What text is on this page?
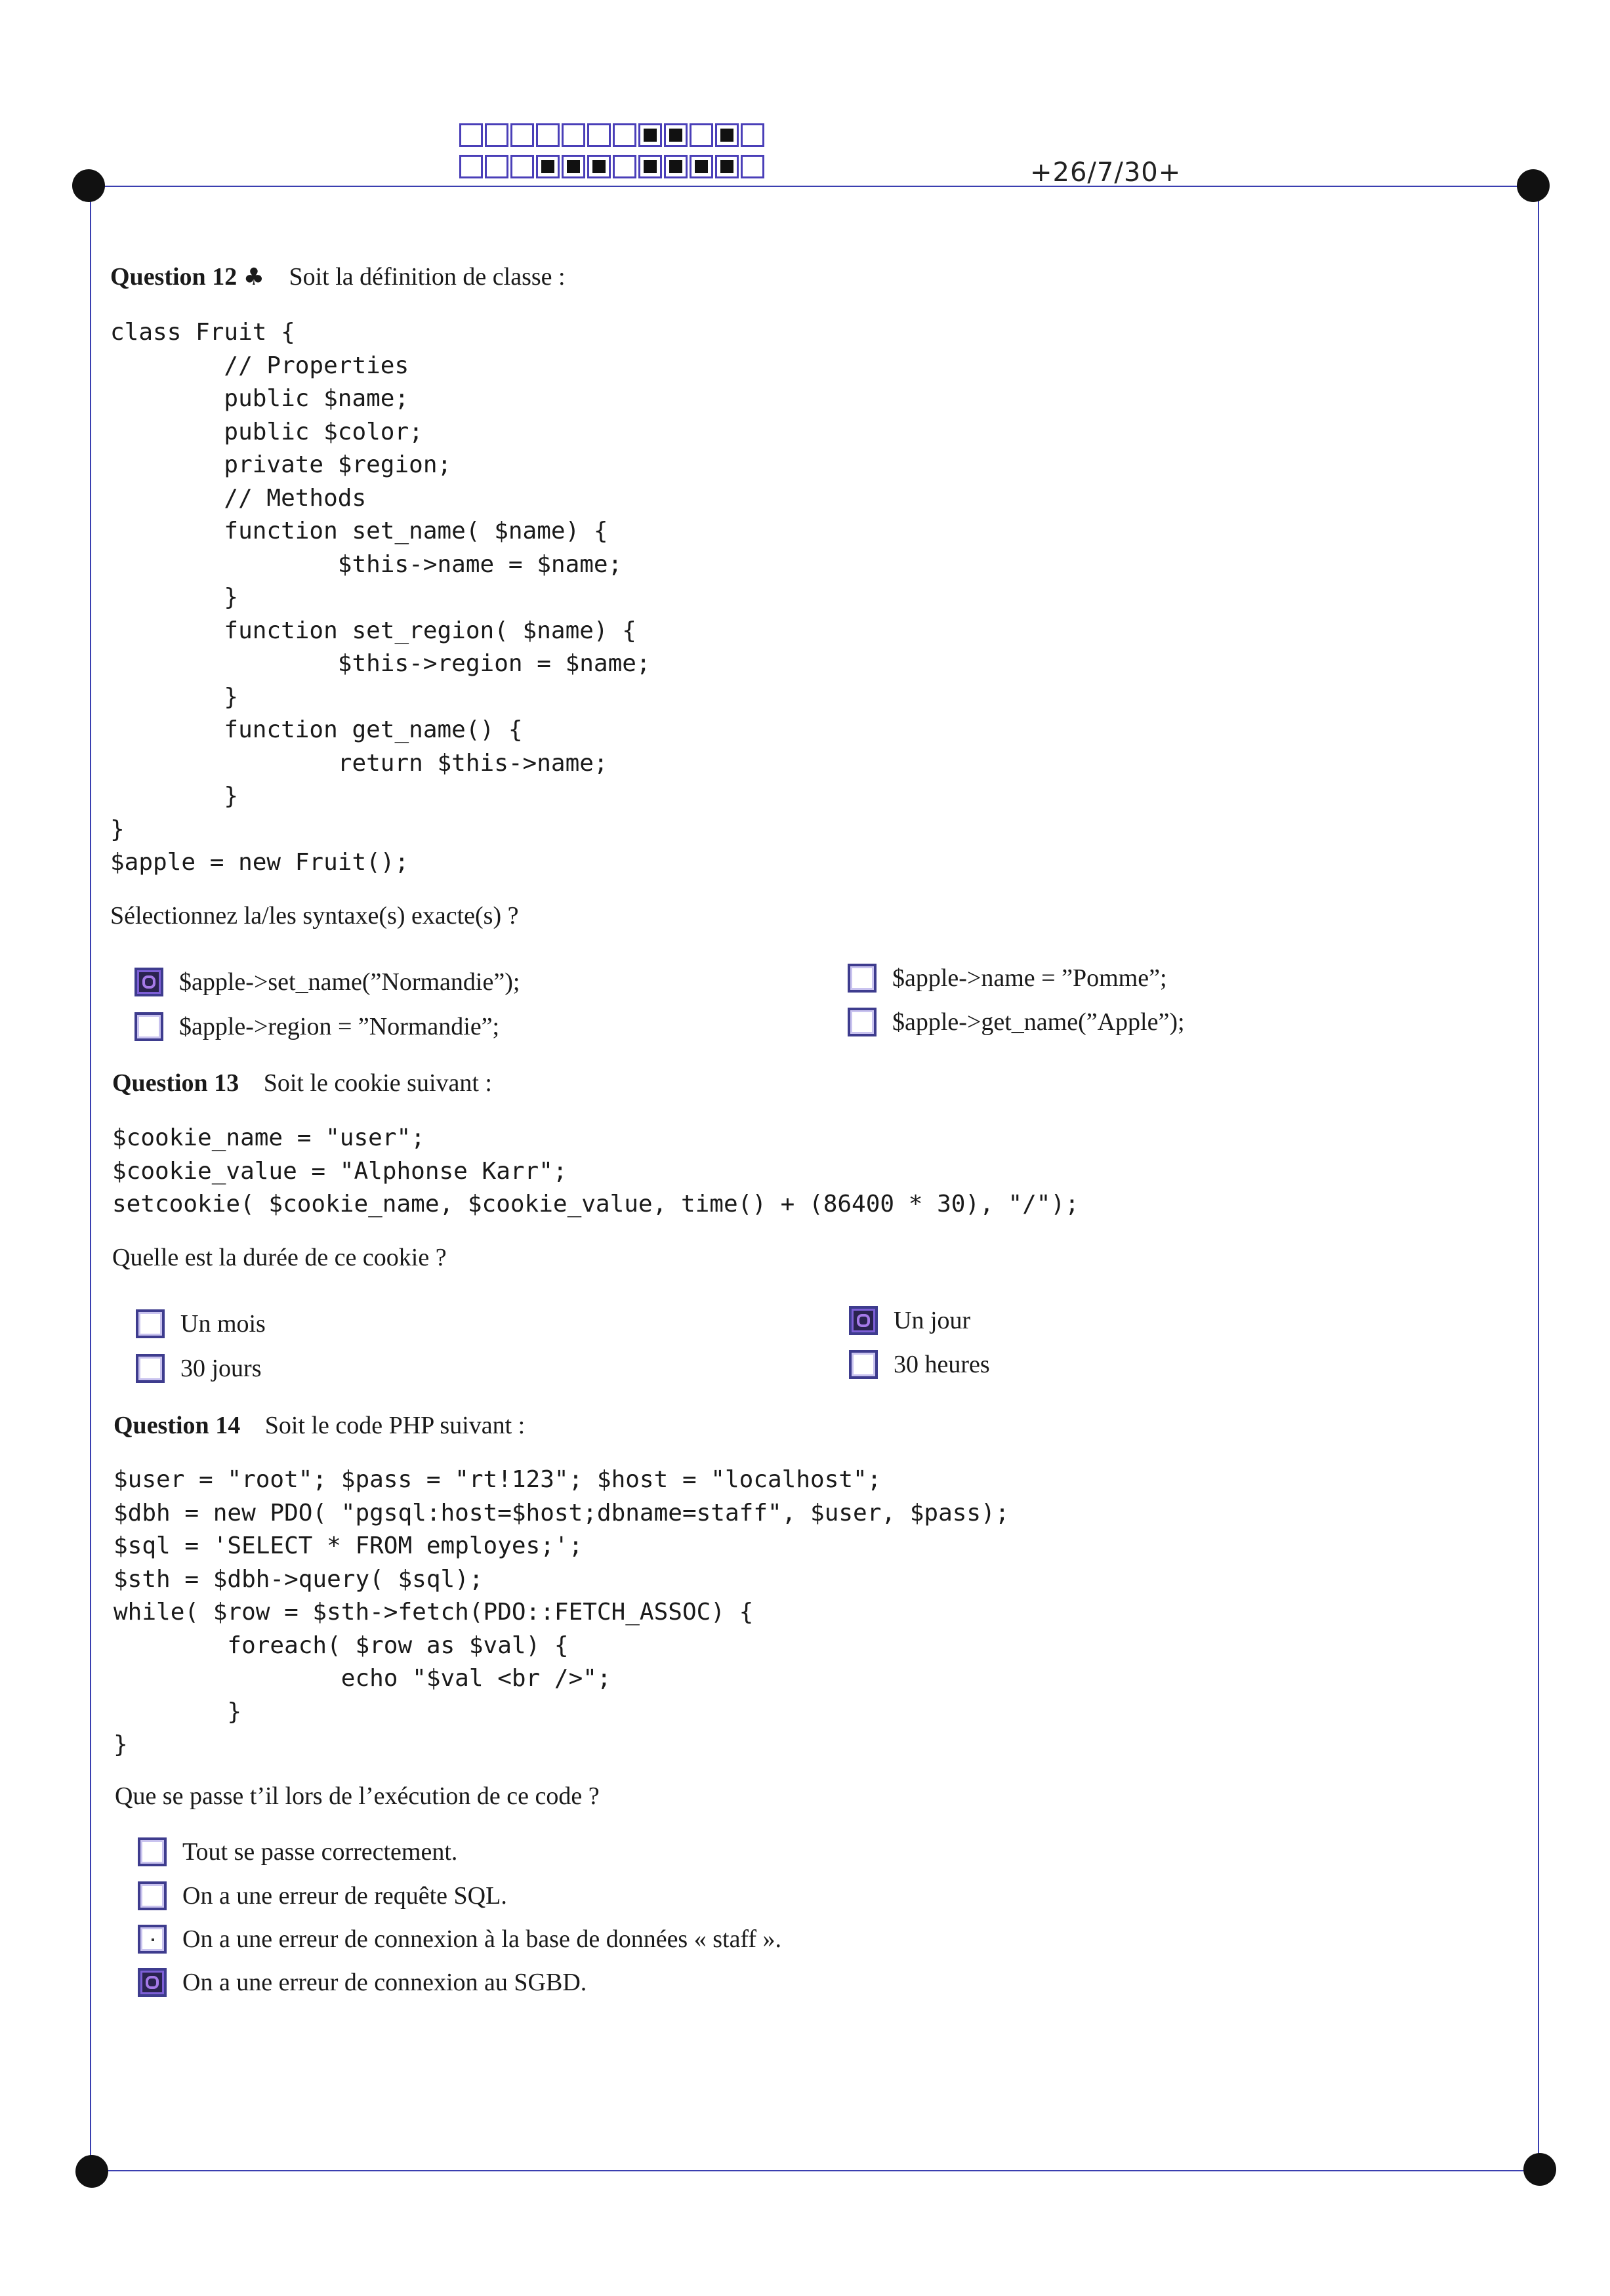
+26/7/30+
Question 12 ♣ Soit la définition de classe :
class Fruit {
// Properties
public $name;
public $color;
private $region;
// Methods
function set_name( $name) {
$this->name = $name;
}
function set_region( $name) {
$this->region = $name;
}
function get_name() {
return $this->name;
}
}
$apple = new Fruit();
Sélectionnez la/les syntaxe(s) exacte(s) ?
$apple->set_name(”Normandie”);
$apple->region = ”Normandie”;
$apple->name = ”Pomme”;
$apple->get_name(”Apple”);
Question 13 Soit le cookie suivant :
$cookie_name = "user";
$cookie_value = "Alphonse Karr";
setcookie( $cookie_name, $cookie_value, time() + (86400 * 30), "/");
Quelle est la durée de ce cookie ?
Un mois
30 jours
Un jour
30 heures
Question 14 Soit le code PHP suivant :
$user = "root"; $pass = "rt!123"; $host = "localhost";
$dbh = new PDO( "pgsql:host=$host;dbname=staff", $user, $pass);
$sql = 'SELECT * FROM employes;';
$sth = $dbh->query( $sql);
while( $row = $sth->fetch(PDO::FETCH_ASSOC) {
foreach( $row as $val) {
echo "$val <br />";
}
}
Que se passe t’il lors de l’exécution de ce code ?
Tout se passe correctement.
On a une erreur de requête SQL.
On a une erreur de connexion à la base de données « staff ».
On a une erreur de connexion au SGBD.
